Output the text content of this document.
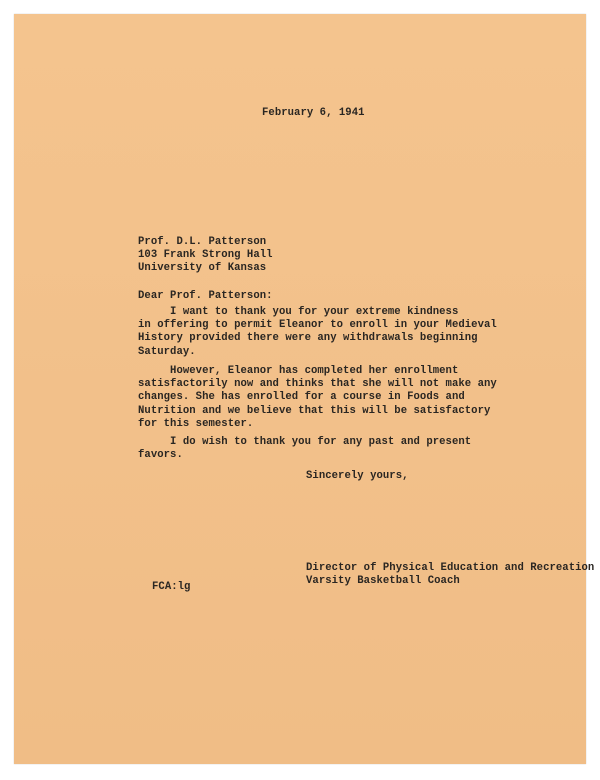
February 6, 1941
Prof. D.L. Patterson
103 Frank Strong Hall
University of Kansas
Dear Prof. Patterson:
I want to thank you for your extreme kindness
in offering to permit Eleanor to enroll in your Medieval
History provided there were any withdrawals beginning
Saturday.
However, Eleanor has completed her enrollment
satisfactorily now and thinks that she will not make any
changes. She has enrolled for a course in Foods and
Nutrition and we believe that this will be satisfactory
for this semester.
I do wish to thank you for any past and present
favors.
Sincerely yours,
Director of Physical Education and Recreation
Varsity Basketball Coach
FCA:lg
